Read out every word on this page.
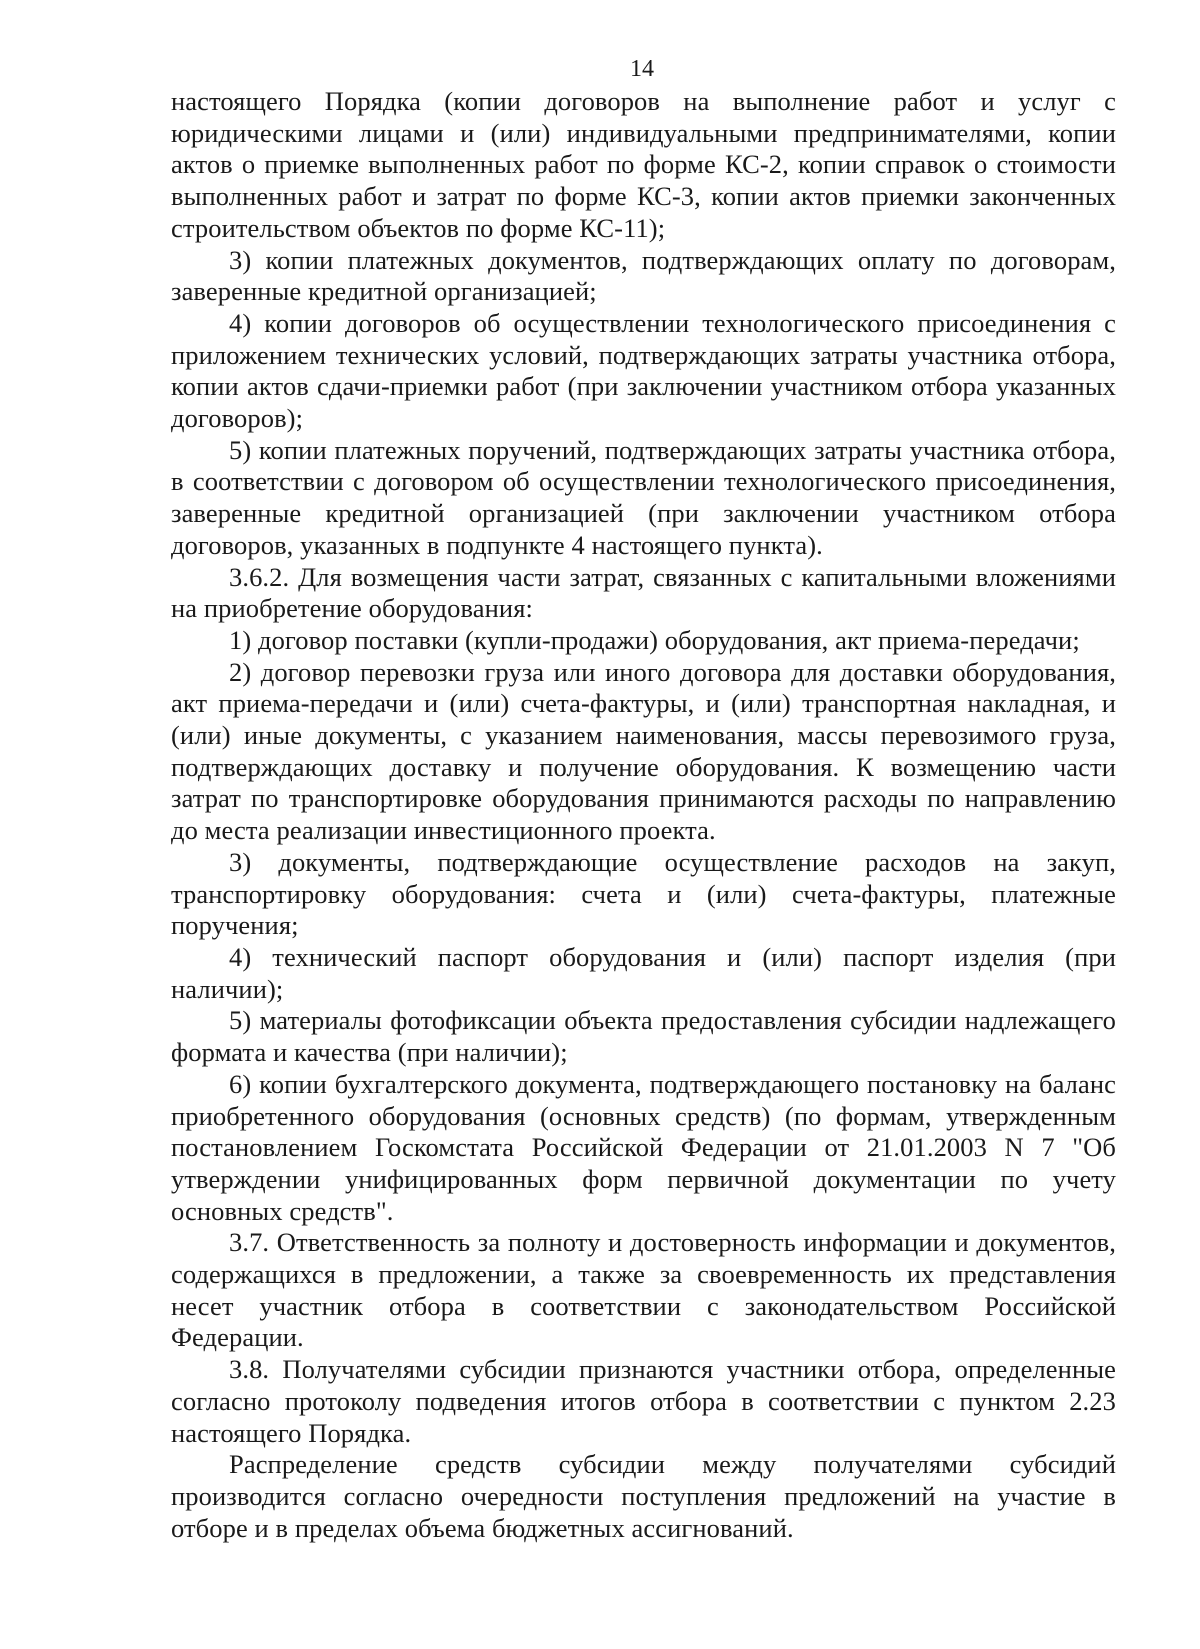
14

настоящего Порядка (копии договоров на выполнение работ и услуг с юридическими лицами и (или) индивидуальными предпринимателями, копии актов о приемке выполненных работ по форме КС-2, копии справок о стоимости выполненных работ и затрат по форме КС-3, копии актов приемки законченных строительством объектов по форме КС-11);

3) копии платежных документов, подтверждающих оплату по договорам, заверенные кредитной организацией;

4) копии договоров об осуществлении технологического присоединения с приложением технических условий, подтверждающих затраты участника отбора, копии актов сдачи-приемки работ (при заключении участником отбора указанных договоров);

5) копии платежных поручений, подтверждающих затраты участника отбора, в соответствии с договором об осуществлении технологического присоединения, заверенные кредитной организацией (при заключении участником отбора договоров, указанных в подпункте 4 настоящего пункта).

3.6.2. Для возмещения части затрат, связанных с капитальными вложениями на приобретение оборудования:

1) договор поставки (купли-продажи) оборудования, акт приема-передачи;

2) договор перевозки груза или иного договора для доставки оборудования, акт приема-передачи и (или) счета-фактуры, и (или) транспортная накладная, и (или) иные документы, с указанием наименования, массы перевозимого груза, подтверждающих доставку и получение оборудования. К возмещению части затрат по транспортировке оборудования принимаются расходы по направлению до места реализации инвестиционного проекта.

3) документы, подтверждающие осуществление расходов на закуп, транспортировку оборудования: счета и (или) счета-фактуры, платежные поручения;

4) технический паспорт оборудования и (или) паспорт изделия (при наличии);

5) материалы фотофиксации объекта предоставления субсидии надлежащего формата и качества (при наличии);

6) копии бухгалтерского документа, подтверждающего постановку на баланс приобретенного оборудования (основных средств) (по формам, утвержденным постановлением Госкомстата Российской Федерации от 21.01.2003 N 7 "Об утверждении унифицированных форм первичной документации по учету основных средств".

3.7. Ответственность за полноту и достоверность информации и документов, содержащихся в предложении, а также за своевременность их представления несет участник отбора в соответствии с законодательством Российской Федерации.

3.8. Получателями субсидии признаются участники отбора, определенные согласно протоколу подведения итогов отбора в соответствии с пунктом 2.23 настоящего Порядка.

Распределение средств субсидии между получателями субсидий производится согласно очередности поступления предложений на участие в отборе и в пределах объема бюджетных ассигнований.
